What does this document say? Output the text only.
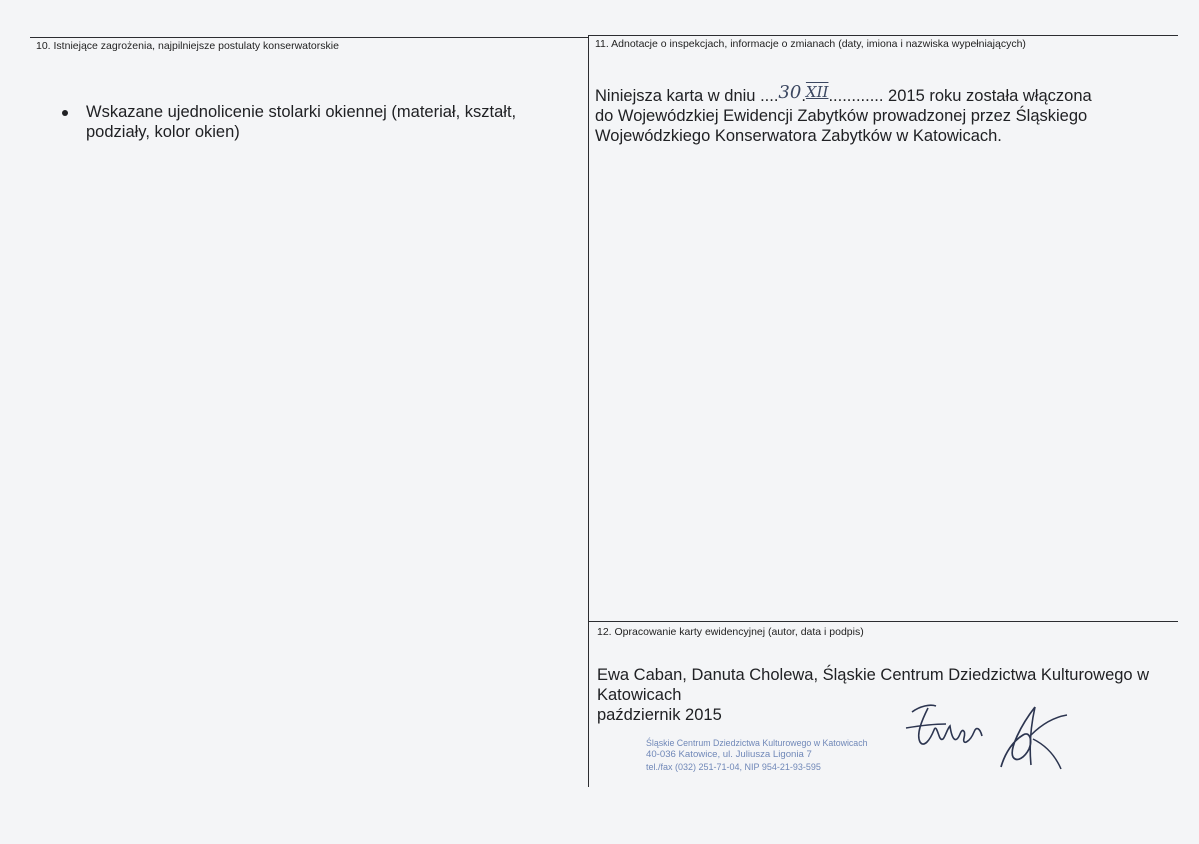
10. Istniejące zagrożenia, najpilniejsze postulaty konserwatorskie
Wskazane ujednolicenie stolarki okiennej (materiał, kształt,
podziały, kolor okien)
11. Adnotacje o inspekcjach, informacje o zmianach (daty, imiona i nazwiska wypełniających)
Niniejsza karta w dniu ....30.XII............ 2015 roku została włączona
do Wojewódzkiej Ewidencji Zabytków prowadzonej przez Śląskiego
Wojewódzkiego Konserwatora Zabytków w Katowicach.
12. Opracowanie karty ewidencyjnej (autor, data i podpis)
Ewa Caban, Danuta Cholewa, Śląskie Centrum Dziedzictwa Kulturowego w
Katowicach
październik 2015
Śląskie Centrum Dziedzictwa Kulturowego w Katowicach
40-036 Katowice, ul. Juliusza Ligonia 7
tel./fax (032) 251-71-04, NIP 954-21-93-595
